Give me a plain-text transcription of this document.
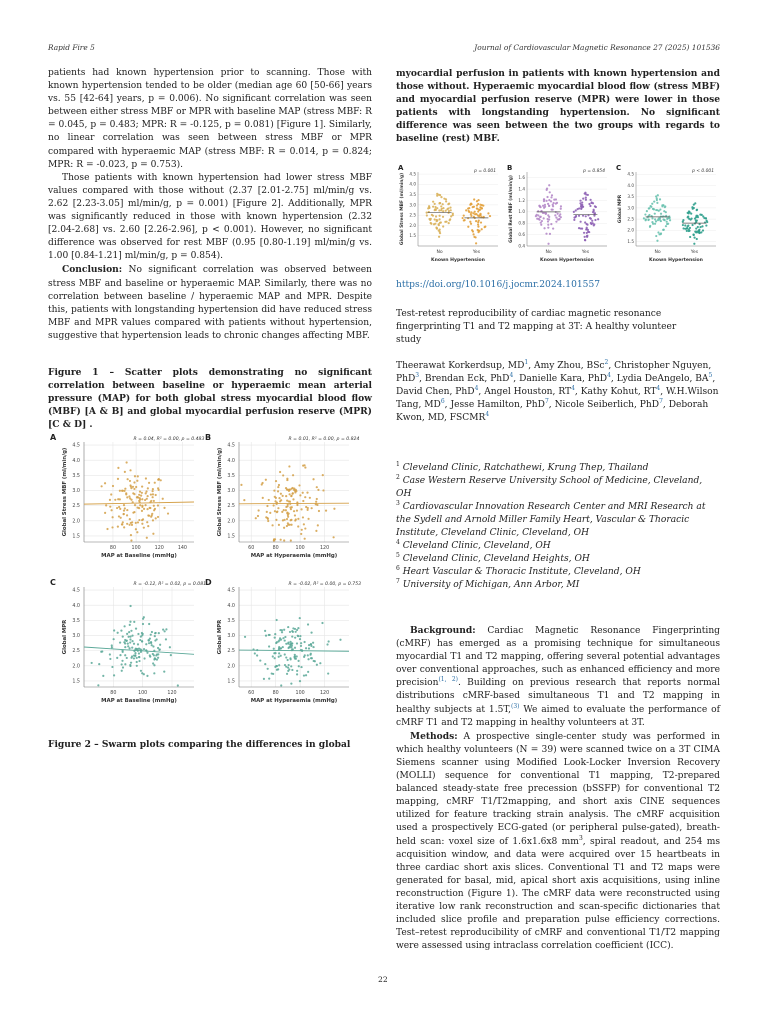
Rapid Fire 5	Journal of Cardiovascular Magnetic Resonance 27 (2025) 101536

patients had known hypertension prior to scanning. Those with known hypertension tended to be older (median age 60 [50-66] years vs. 55 [42-64] years, p = 0.006). No significant correlation was seen between either stress MBF or MPR with baseline MAP (stress MBF: R = 0.045, p = 0.483; MPR: R = -0.125, p = 0.081) [Figure 1]. Similarly, no linear correlation was seen between stress MBF or MPR compared with hyperaemic MAP (stress MBF: R = 0.014, p = 0.824; MPR: R = -0.023, p = 0.753).

Those patients with known hypertension had lower stress MBF values compared with those without (2.37 [2.01-2.75] ml/min/g vs. 2.62 [2.23-3.05] ml/min/g, p = 0.001) [Figure 2]. Additionally, MPR was significantly reduced in those with known hypertension (2.32 [2.04-2.68] vs. 2.60 [2.26-2.96], p < 0.001). However, no significant difference was observed for rest MBF (0.95 [0.80-1.19] ml/min/g vs. 1.00 [0.84-1.21] ml/min/g, p = 0.854).

Conclusion: No significant correlation was observed between stress MBF and baseline or hyperaemic MAP. Similarly, there was no correlation between baseline / hyperaemic MAP and MPR. Despite this, patients with longstanding hypertension did have reduced stress MBF and MPR values compared with patients without hypertension, suggestive that hypertension leads to chronic changes affecting MBF.

Figure 1 – Scatter plots demonstrating no significant correlation between baseline or hyperaemic mean arterial pressure (MAP) for both global stress myocardial blood flow (MBF) [A & B] and global myocardial perfusion reserve (MPR) [C & D] .
A	R = 0.04, R² = 0.00, p = 0.483
1.5
2.0
2.5
3.0
3.5
4.0
4.5
80	100	120	140
MAP at Baseline (mmHg)
Global Stress MBF (ml/min/g)
B	R = 0.01, R² = 0.00, p = 0.824
1.5
2.0
2.5
3.0
3.5
4.0
4.5
60	80	100	120
MAP at Hyperaemia (mmHg)
Global Stress MBF (ml/min/g)
C	R = -0.12, R² = 0.02, p = 0.081
1.5
2.0
2.5
3.0
3.5
4.0
4.5
80	100	120
MAP at Baseline (mmHg)
Global MPR
D	R = -0.02, R² = 0.00, p = 0.753
1.5
2.0
2.5
3.0
3.5
4.0
4.5
60	80	100	120
MAP at Hyperaemia (mmHg)
Global MPR
Figure 2 – Swarm plots comparing the differences in global
myocardial perfusion in patients with known hypertension and those without. Hyperaemic myocardial blood flow (stress MBF) and myocardial perfusion reserve (MPR) were lower in those patients with longstanding hypertension. No significant difference was seen between the two groups with regards to baseline (rest) MBF.
A	p = 0.001
1.5
2.0
2.5
3.0
3.5
4.0
4.5
Global Stress MBF (ml/min/g)
Known Hypertension
No	Yes
B	p = 0.854
0.4
0.6
0.8
1.0
1.2
1.4
1.6
Global Rest MBF (ml/min/g)
Known Hypertension
No	Yes
C	p < 0.001
1.5
2.0
2.5
3.0
3.5
4.0
4.5
Global MPR
Known Hypertension
No	Yes
https://doi.org/10.1016/j.jocmr.2024.101557
Test-retest reproducibility of cardiac magnetic resonance fingerprinting T1 and T2 mapping at 3T: A healthy volunteer study
Theerawat Korkerdsup, $MD^1$, Amy Zhou, BSc$^2$, Christopher Nguyen, PhD$^3$, Brendan Eck, PhD$^4$, Danielle Kara, PhD$^4$, Lydia DeAngelo, $BA^5$, David Chen, PhD$^4$, Angel Houston, $RT^4$, Kathy Kohut, $RT^4$, W.H.Wilson Tang, $MD^6$, Jesse Hamilton, PhD$^7$, Nicole Seiberlich, PhD$^7$, Deborah Kwon, MD, FSCMR$^4$
$^1$ Cleveland Clinic, Ratchathewi, Krung Thep, Thailand
$^2$ Case Western Reserve University School of Medicine, Cleveland, OH
$^3$ Cardiovascular Innovation Research Center and MRI Research at the Sydell and Arnold Miller Family Heart, Vascular & Thoracic Institute, Cleveland Clinic, Cleveland, OH
$^4$ Cleveland Clinic, Cleveland, OH
$^5$ Cleveland Clinic, Cleveland Heights, OH
$^6$ Heart Vascular & Thoracic Institute, Cleveland, OH
$^7$ University of Michigan, Ann Arbor, MI

Background: Cardiac Magnetic Resonance Fingerprinting (cMRF) has emerged as a promising technique for simultaneous myocardial T1 and T2 mapping, offering several potential advantages over conventional approaches, such as enhanced efficiency and more precision$^{(1, 2)}$. Building on previous research that reports normal distributions cMRF-based simultaneous T1 and T2 mapping in healthy subjects at 1.5T,$^{(3)}$ We aimed to evaluate the performance of cMRF T1 and T2 mapping in healthy volunteers at 3T.

Methods: A prospective single-center study was performed in which healthy volunteers (N = 39) were scanned twice on a 3T CIMA Siemens scanner using Modified Look-Locker Inversion Recovery (MOLLI) sequence for conventional T1 mapping, T2-prepared balanced steady-state free precession (bSSFP) for conventional T2 mapping, cMRF T1/T2mapping, and short axis CINE sequences utilized for feature tracking strain analysis. The cMRF acquisition used a prospectively ECG-gated (or peripheral pulse-gated), breath-held scan: voxel size of 1.6x1.6x8 $mm^3$, spiral readout, and 254 ms acquisition window, and data were acquired over 15 heartbeats in three cardiac short axis slices. Conventional T1 and T2 maps were generated for basal, mid, apical short axis acquisitions, using inline reconstruction (Figure 1). The cMRF data were reconstructed using iterative low rank reconstruction and scan-specific dictionaries that included slice profile and preparation pulse efficiency corrections. Test–retest reproducibility of cMRF and conventional T1/T2 mapping were assessed using intraclass correlation coefficient (ICC).

22
